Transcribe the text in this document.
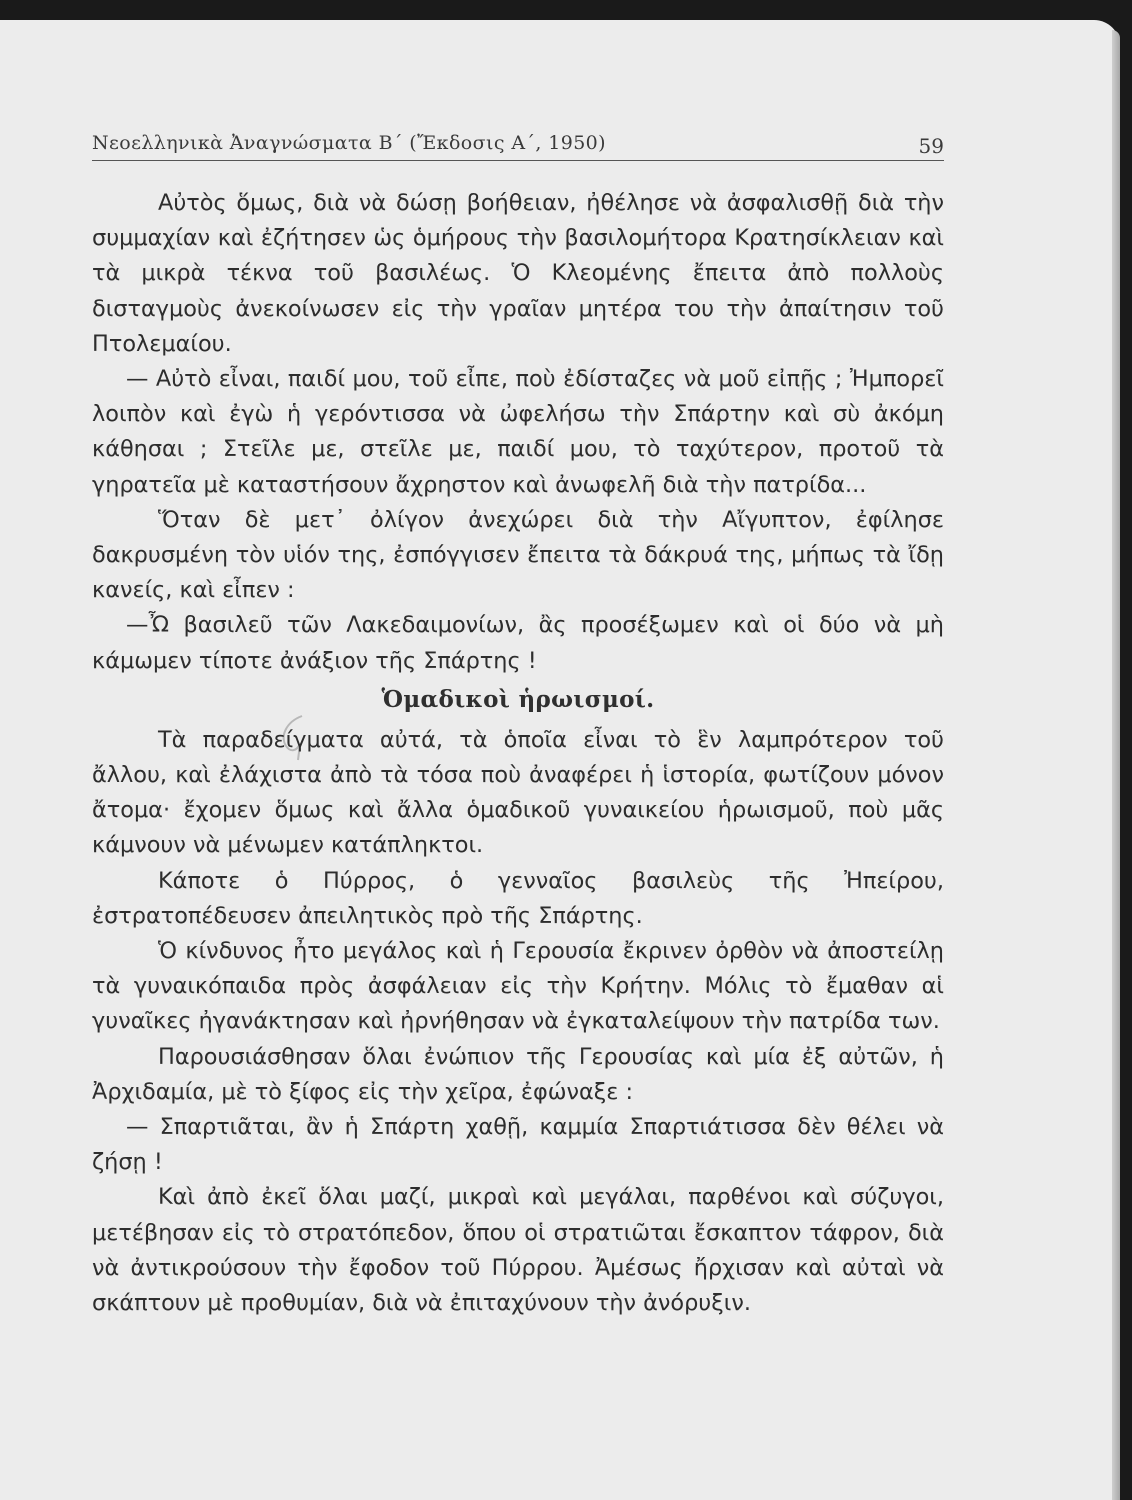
Νεοελληνικὰ Ἀναγνώσματα Β΄ (Ἔκδοσις Α΄, 1950)	59

Αὐτὸς ὅμως, διὰ νὰ δώσῃ βοήθειαν, ἠθέλησε νὰ ἀσφαλισθῇ διὰ τὴν συμμαχίαν καὶ ἐζήτησεν ὡς ὁμήρους τὴν βασιλομήτορα Κρατησίκλειαν καὶ τὰ μικρὰ τέκνα τοῦ βασιλέως. Ὁ Κλεομένης ἔπειτα ἀπὸ πολλοὺς δισταγμοὺς ἀνεκοίνωσεν εἰς τὴν γραῖαν μητέρα του τὴν ἀπαίτησιν τοῦ Πτολεμαίου.

— Αὐτὸ εἶναι, παιδί μου, τοῦ εἶπε, ποὺ ἐδίσταζες νὰ μοῦ εἰπῇς ; Ἠμπορεῖ λοιπὸν καὶ ἐγὼ ἡ γερόντισσα νὰ ὠφελήσω τὴν Σπάρτην καὶ σὺ ἀκόμη κάθησαι ; Στεῖλε με, στεῖλε με, παιδί μου, τὸ ταχύτερον, προτοῦ τὰ γηρατεῖα μὲ καταστήσουν ἄχρηστον καὶ ἀνωφελῆ διὰ τὴν πατρίδα...

Ὅταν δὲ μετ᾽ ὀλίγον ἀνεχώρει διὰ τὴν Αἴγυπτον, ἐφίλησε δακρυσμένη τὸν υἱόν της, ἐσπόγγισεν ἔπειτα τὰ δάκρυά της, μήπως τὰ ἴδῃ κανείς, καὶ εἶπεν :

—Ὦ βασιλεῦ τῶν Λακεδαιμονίων, ἂς προσέξωμεν καὶ οἱ δύο νὰ μὴ κάμωμεν τίποτε ἀνάξιον τῆς Σπάρτης !

Ὁμαδικοὶ ἡρωισμοί.

Τὰ παραδείγματα αὐτά, τὰ ὁποῖα εἶναι τὸ ἓν λαμπρότερον τοῦ ἄλλου, καὶ ἐλάχιστα ἀπὸ τὰ τόσα ποὺ ἀναφέρει ἡ ἱστορία, φωτίζουν μόνον ἄτομα· ἔχομεν ὅμως καὶ ἄλλα ὁμαδικοῦ γυναικείου ἡρωισμοῦ, ποὺ μᾶς κάμνουν νὰ μένωμεν κατάπληκτοι.

Κάποτε ὁ Πύρρος, ὁ γενναῖος βασιλεὺς τῆς Ἠπείρου, ἐστρατοπέδευσεν ἀπειλητικὸς πρὸ τῆς Σπάρτης.

Ὁ κίνδυνος ἦτο μεγάλος καὶ ἡ Γερουσία ἔκρινεν ὀρθὸν νὰ ἀποστείλῃ τὰ γυναικόπαιδα πρὸς ἀσφάλειαν εἰς τὴν Κρήτην. Μόλις τὸ ἔμαθαν αἱ γυναῖκες ἠγανάκτησαν καὶ ἠρνήθησαν νὰ ἐγκαταλείψουν τὴν πατρίδα των.

Παρουσιάσθησαν ὅλαι ἐνώπιον τῆς Γερουσίας καὶ μία ἐξ αὐτῶν, ἡ Ἀρχιδαμία, μὲ τὸ ξίφος εἰς τὴν χεῖρα, ἐφώναξε :

— Σπαρτιᾶται, ἂν ἡ Σπάρτη χαθῇ, καμμία Σπαρτιάτισσα δὲν θέλει νὰ ζήσῃ !

Καὶ ἀπὸ ἐκεῖ ὅλαι μαζί, μικραὶ καὶ μεγάλαι, παρθένοι καὶ σύζυγοι, μετέβησαν εἰς τὸ στρατόπεδον, ὅπου οἱ στρατιῶται ἔσκαπτον τάφρον, διὰ νὰ ἀντικρούσουν τὴν ἔφοδον τοῦ Πύρρου. Ἀμέσως ἤρχισαν καὶ αὐταὶ νὰ σκάπτουν μὲ προθυμίαν, διὰ νὰ ἐπιταχύνουν τὴν ἀνόρυξιν.
